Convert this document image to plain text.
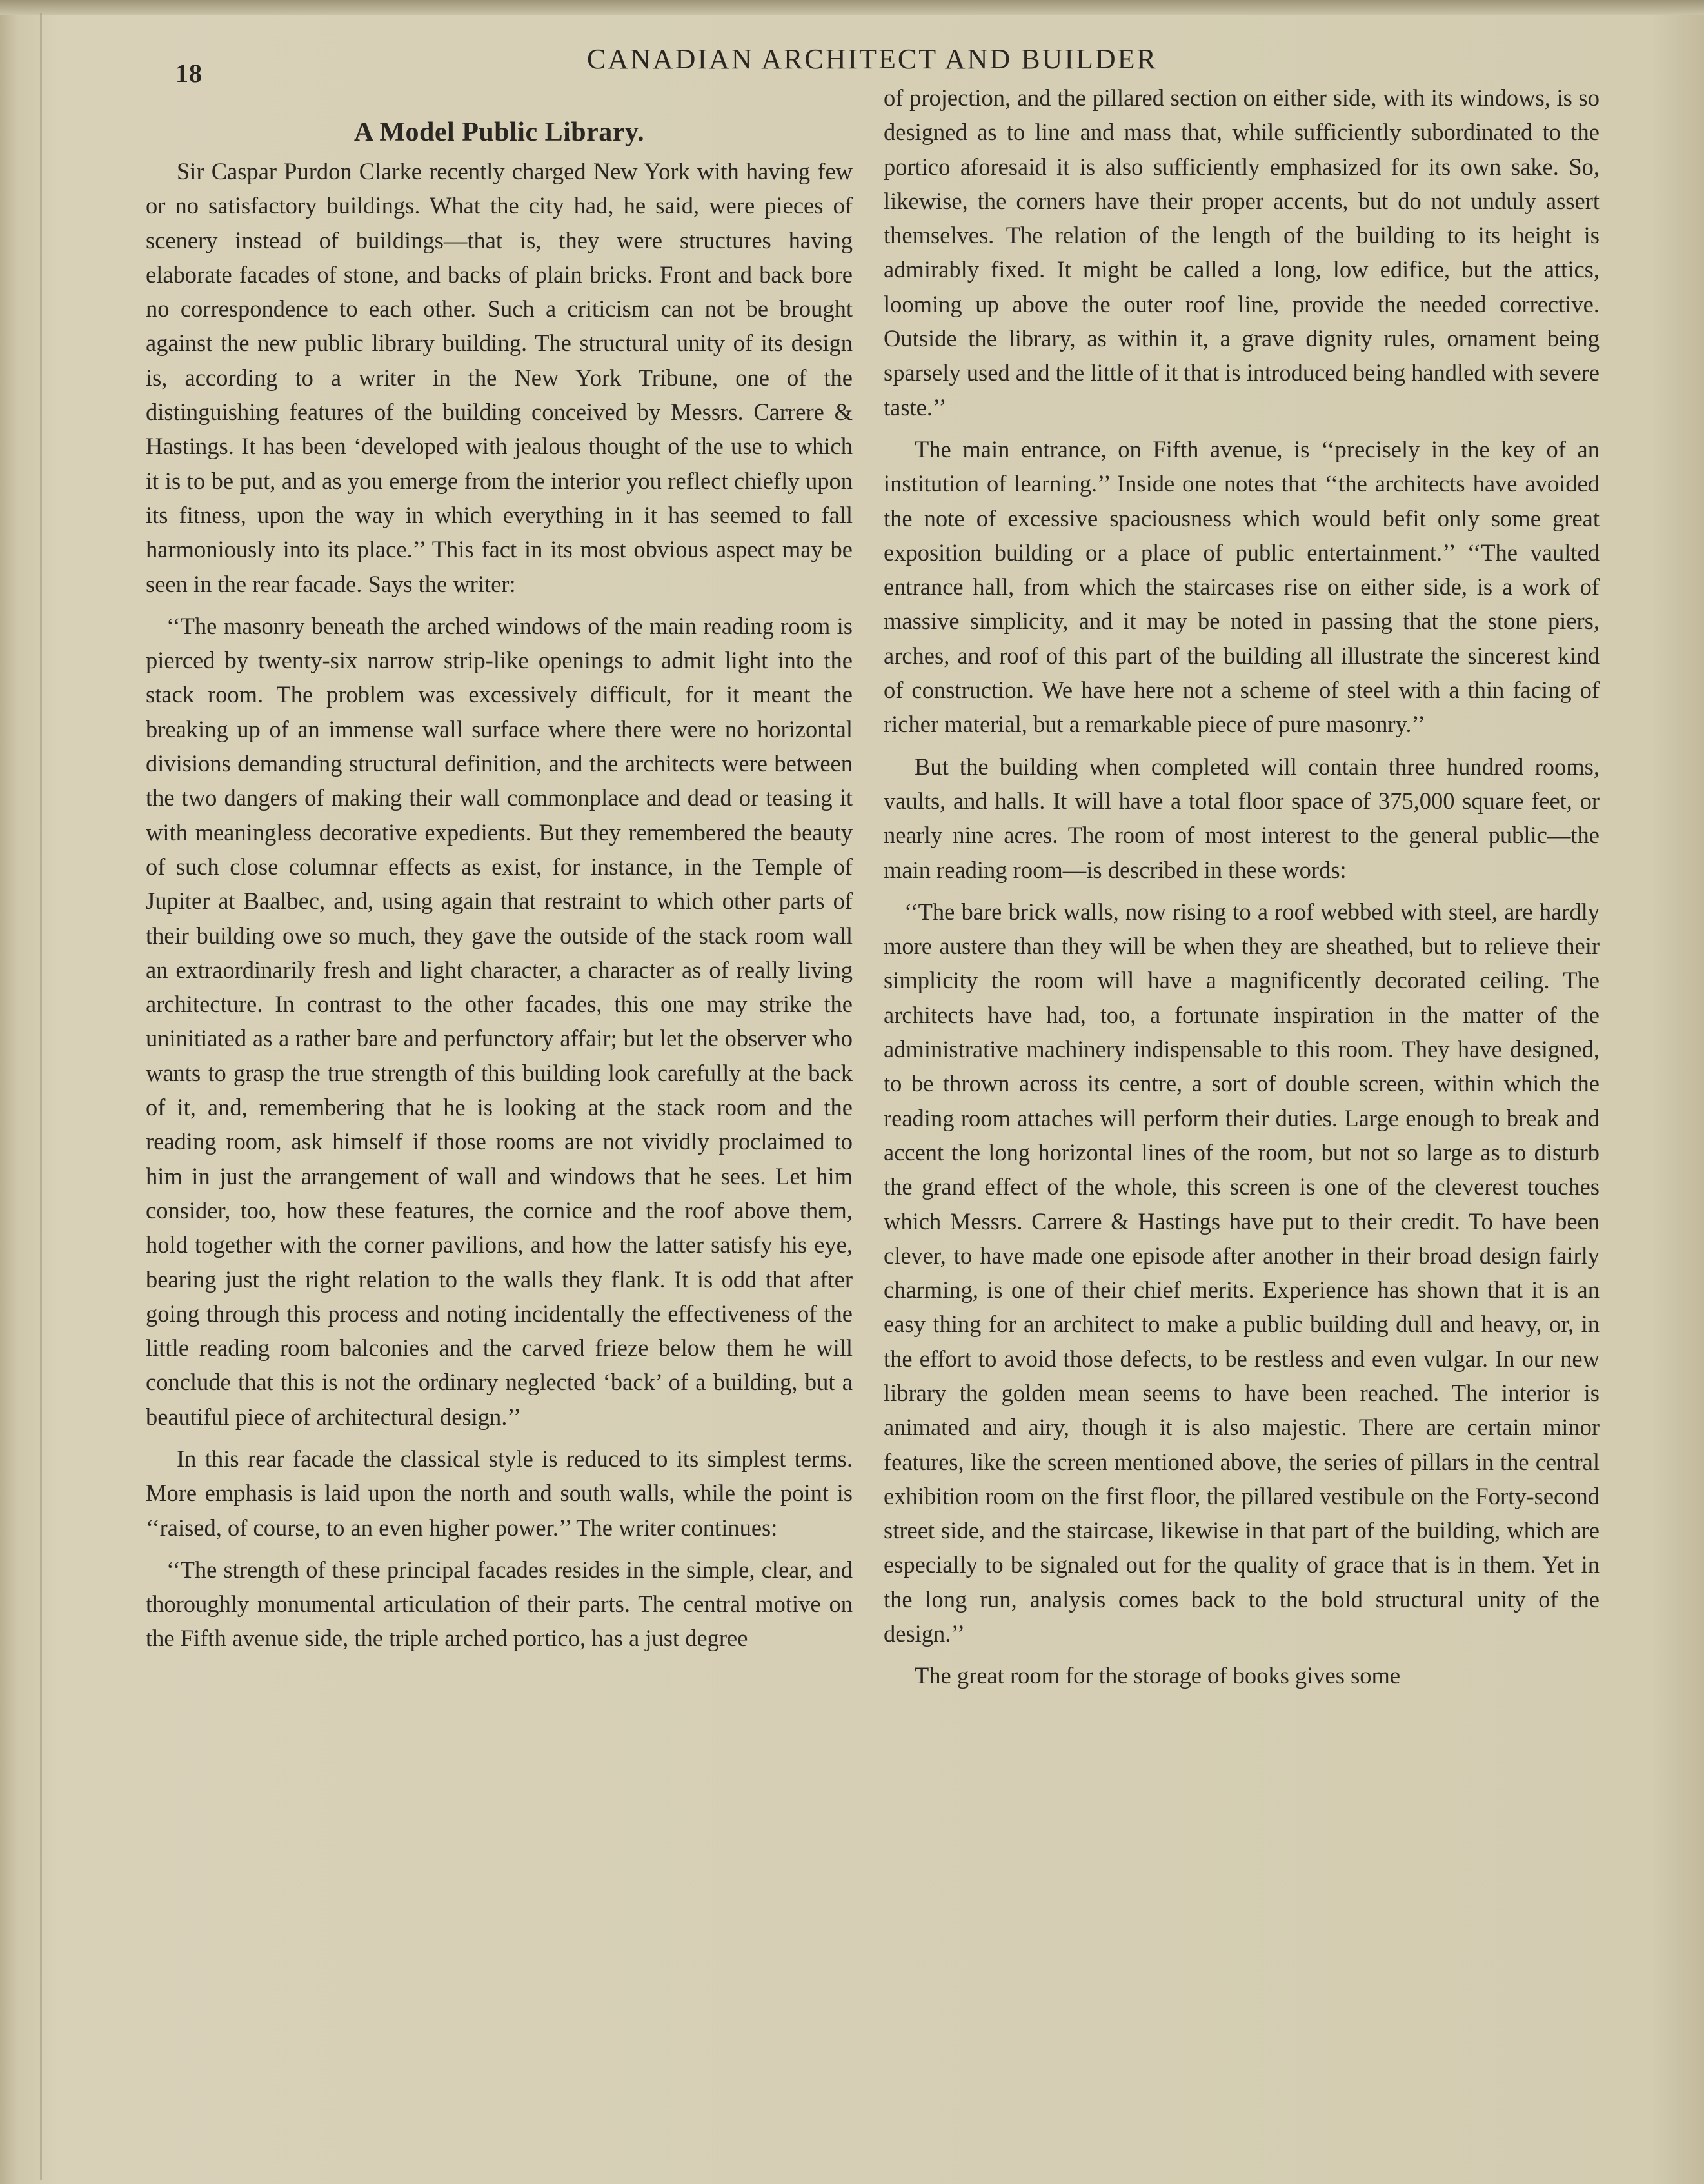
18	CANADIAN ARCHITECT AND BUILDER
A Model Public Library.

Sir Caspar Purdon Clarke recently charged New York with having few or no satisfactory buildings. What the city had, he said, were pieces of scenery instead of buildings—that is, they were structures having elaborate facades of stone, and backs of plain bricks. Front and back bore no correspondence to each other. Such a criticism can not be brought against the new public library building. The structural unity of its design is, according to a writer in the New York Tribune, one of the distinguishing features of the building conceived by Messrs. Carrere & Hastings. It has been ‘developed with jealous thought of the use to which it is to be put, and as you emerge from the interior you reflect chiefly upon its fitness, upon the way in which everything in it has seemed to fall harmoniously into its place.’’ This fact in its most obvious aspect may be seen in the rear facade. Says the writer:

‘‘The masonry beneath the arched windows of the main reading room is pierced by twenty-six narrow strip-like openings to admit light into the stack room. The problem was excessively difficult, for it meant the breaking up of an immense wall surface where there were no horizontal divisions demanding structural definition, and the architects were between the two dangers of making their wall commonplace and dead or teasing it with meaningless decorative expedients. But they remembered the beauty of such close columnar effects as exist, for instance, in the Temple of Jupiter at Baalbec, and, using again that restraint to which other parts of their building owe so much, they gave the outside of the stack room wall an extraordinarily fresh and light character, a character as of really living architecture. In contrast to the other facades, this one may strike the uninitiated as a rather bare and perfunctory affair; but let the observer who wants to grasp the true strength of this building look carefully at the back of it, and, remembering that he is looking at the stack room and the reading room, ask himself if those rooms are not vividly proclaimed to him in just the arrangement of wall and windows that he sees. Let him consider, too, how these features, the cornice and the roof above them, hold together with the corner pavilions, and how the latter satisfy his eye, bearing just the right relation to the walls they flank. It is odd that after going through this process and noting incidentally the effectiveness of the little reading room balconies and the carved frieze below them he will conclude that this is not the ordinary neglected ‘back’ of a building, but a beautiful piece of architectural design.’’

In this rear facade the classical style is reduced to its simplest terms. More emphasis is laid upon the north and south walls, while the point is ‘‘raised, of course, to an even higher power.’’ The writer continues:

‘‘The strength of these principal facades resides in the simple, clear, and thoroughly monumental articulation of their parts. The central motive on the Fifth avenue side, the triple arched portico, has a just degree

of projection, and the pillared section on either side, with its windows, is so designed as to line and mass that, while sufficiently subordinated to the portico aforesaid it is also sufficiently emphasized for its own sake. So, likewise, the corners have their proper accents, but do not unduly assert themselves. The relation of the length of the building to its height is admirably fixed. It might be called a long, low edifice, but the attics, looming up above the outer roof line, provide the needed corrective. Outside the library, as within it, a grave dignity rules, ornament being sparsely used and the little of it that is introduced being handled with severe taste.’’

The main entrance, on Fifth avenue, is ‘‘precisely in the key of an institution of learning.’’ Inside one notes that ‘‘the architects have avoided the note of excessive spaciousness which would befit only some great exposition building or a place of public entertainment.’’ ‘‘The vaulted entrance hall, from which the staircases rise on either side, is a work of massive simplicity, and it may be noted in passing that the stone piers, arches, and roof of this part of the building all illustrate the sincerest kind of construction. We have here not a scheme of steel with a thin facing of richer material, but a remarkable piece of pure masonry.’’

But the building when completed will contain three hundred rooms, vaults, and halls. It will have a total floor space of 375,000 square feet, or nearly nine acres. The room of most interest to the general public—the main reading room—is described in these words:

‘‘The bare brick walls, now rising to a roof webbed with steel, are hardly more austere than they will be when they are sheathed, but to relieve their simplicity the room will have a magnificently decorated ceiling. The architects have had, too, a fortunate inspiration in the matter of the administrative machinery indispensable to this room. They have designed, to be thrown across its centre, a sort of double screen, within which the reading room attaches will perform their duties. Large enough to break and accent the long horizontal lines of the room, but not so large as to disturb the grand effect of the whole, this screen is one of the cleverest touches which Messrs. Carrere & Hastings have put to their credit. To have been clever, to have made one episode after another in their broad design fairly charming, is one of their chief merits. Experience has shown that it is an easy thing for an architect to make a public building dull and heavy, or, in the effort to avoid those defects, to be restless and even vulgar. In our new library the golden mean seems to have been reached. The interior is animated and airy, though it is also majestic. There are certain minor features, like the screen mentioned above, the series of pillars in the central exhibition room on the first floor, the pillared vestibule on the Forty-second street side, and the staircase, likewise in that part of the building, which are especially to be signaled out for the quality of grace that is in them. Yet in the long run, analysis comes back to the bold structural unity of the design.’’

The great room for the storage of books gives some
